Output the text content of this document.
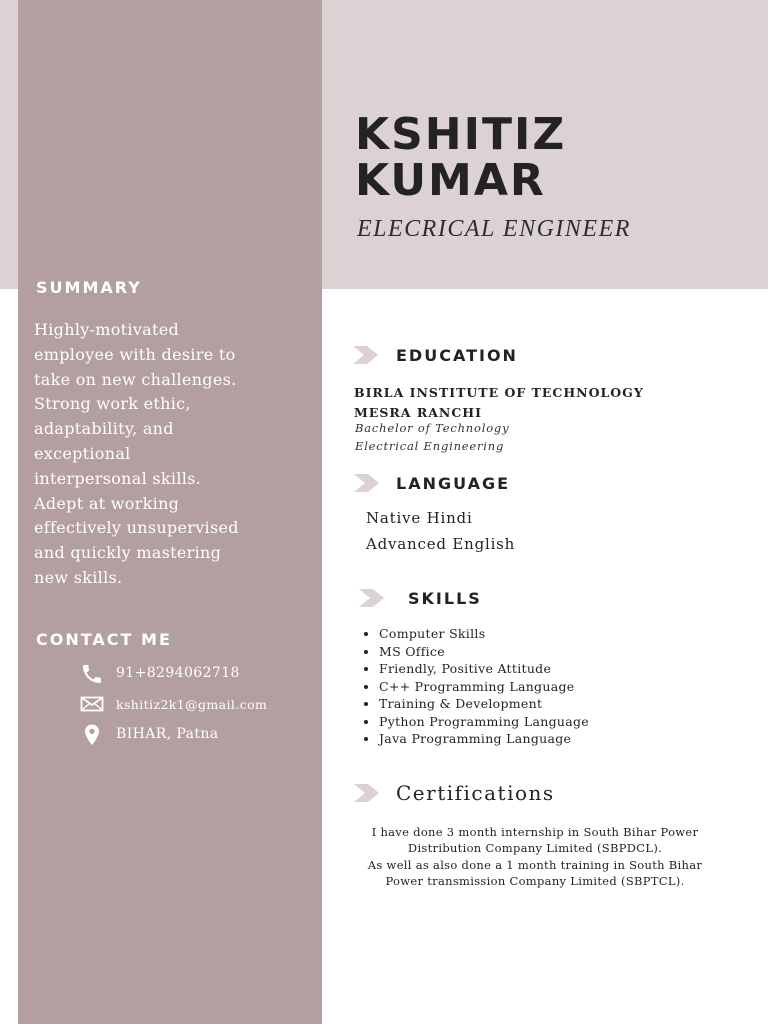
KSHITIZ
KUMAR
ELECRICAL ENGINEER
SUMMARY
Highly-motivated
employee with desire to
take on new challenges.
Strong work ethic,
adaptability, and
exceptional
interpersonal skills.
Adept at working
effectively unsupervised
and quickly mastering
new skills.
CONTACT ME
91+8294062718
kshitiz2k1@gmail.com
BIHAR, Patna
EDUCATION
BIRLA INSTITUTE OF TECHNOLOGY
MESRA RANCHI
Bachelor of Technology
Electrical Engineering
LANGUAGE
Native Hindi
Advanced English
SKILLS
• Computer Skills
• MS Office
• Friendly, Positive Attitude
• C++ Programming Language
• Training & Development
• Python Programming Language
• Java Programming Language
Certifications
I have done 3 month internship in South Bihar Power
Distribution Company Limited (SBPDCL).
As well as also done a 1 month training in South Bihar
Power transmission Company Limited (SBPTCL).
